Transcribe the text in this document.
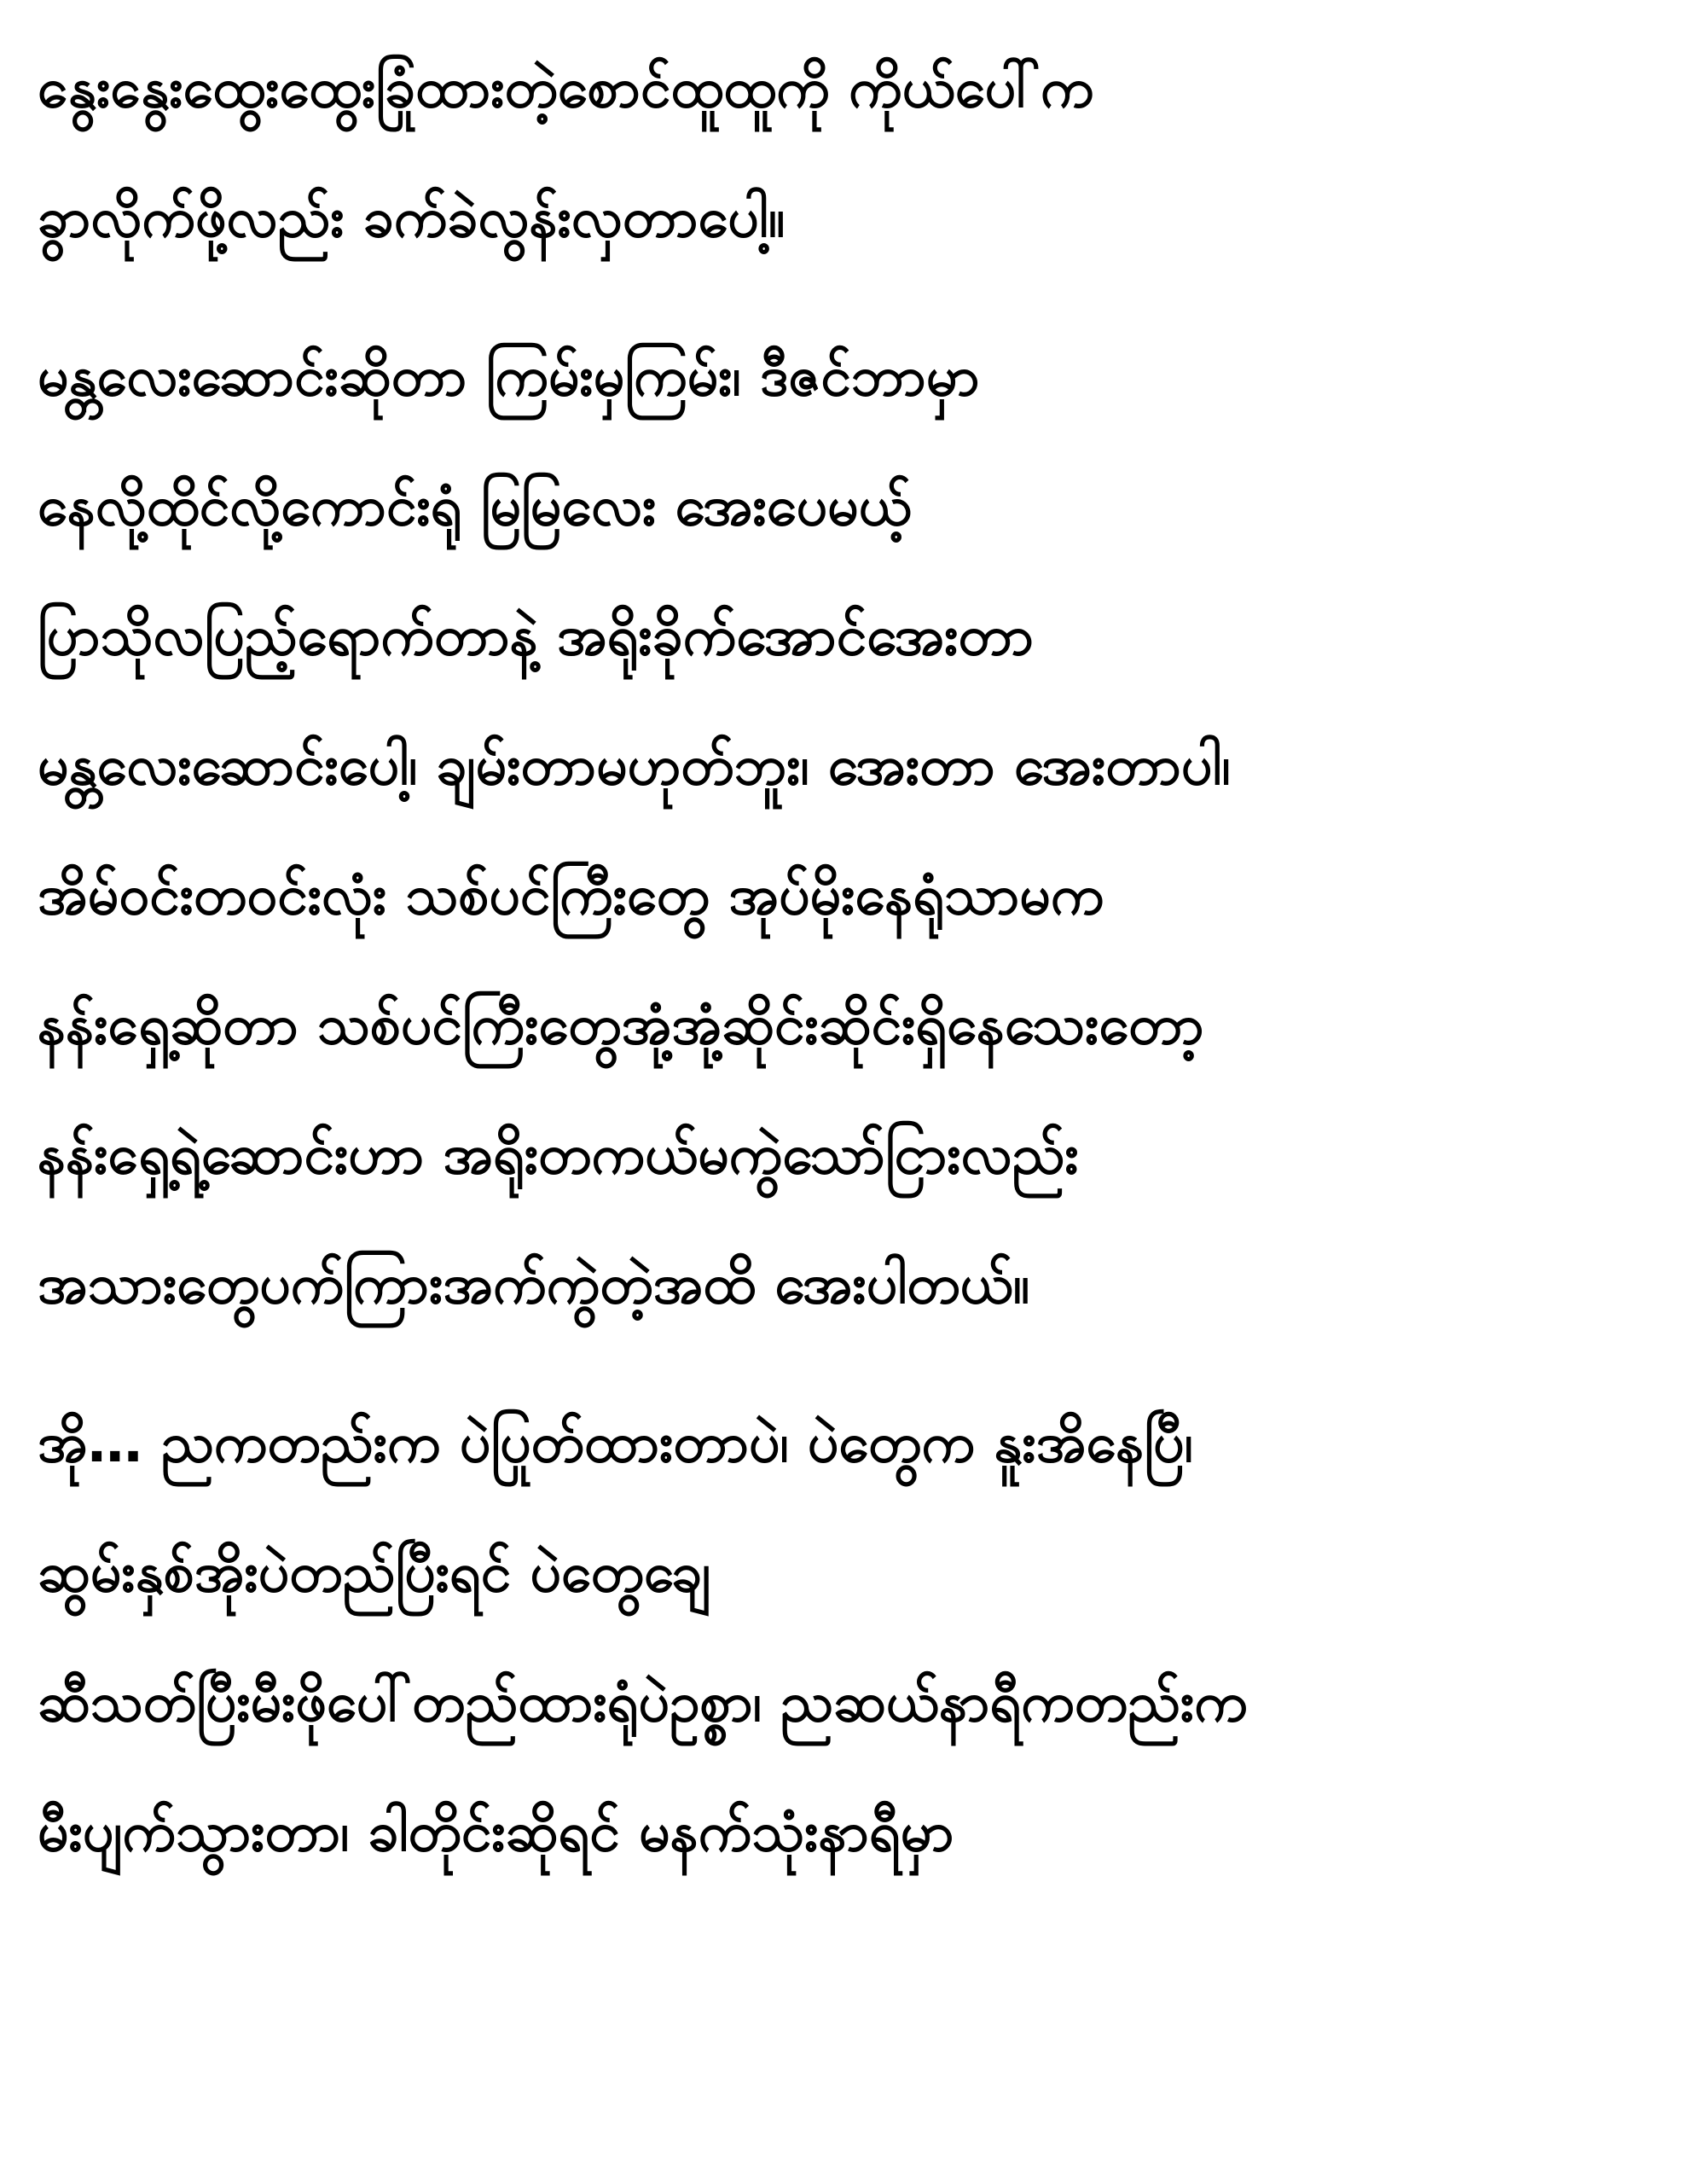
နွေးနွေးထွေးထွေးခြုံထားတဲ့စောင်ထူထူကို ကိုယ်ပေါ်က
ခွာလိုက်ဖို့လည်း ခက်ခဲလွန်းလှတာပေါ့။
မန္တလေးဆောင်းဆိုတာ ကြမ်းမှကြမ်း၊ ဒီဇင်ဘာမှာ
နေလို့ထိုင်လို့ကောင်းရုံ မြမြလေး အေးပေမယ့်
ပြာသိုလပြည့်ရောက်တာနဲ့ အရိုးခိုက်အောင်အေးတာ
မန္တလေးဆောင်းပေါ့၊ ချမ်းတာမဟုတ်ဘူး၊ အေးတာ အေးတာပါ၊
အိမ်ဝင်းတဝင်းလုံး သစ်ပင်ကြီးတွေ အုပ်မိုးနေရုံသာမက
နန်းရှေ့ဆိုတာ သစ်ပင်ကြီးတွေအုံ့အုံ့ဆိုင်းဆိုင်းရှိနေသေးတော့
နန်းရှေ့ရဲ့ဆောင်းဟာ အရိုးတကယ်မကွဲသော်ငြားလည်း
အသားတွေပက်ကြားအက်ကွဲတဲ့အထိ အေးပါတယ်။
အို… ညကတည်းက ပဲပြုတ်ထားတာပဲ၊ ပဲတွေက နူးအိနေပြီ၊
ဆွမ်းနှစ်အိုးပဲတည်ပြီးရင် ပဲတွေချေ
ဆီသတ်ပြီးမီးဖိုပေါ်တည်ထားရုံပဲဥစ္စာ၊ ညဆယ်နာရီကတည်းက
မီးပျက်သွားတာ၊ ခါတိုင်းဆိုရင် မနက်သုံးနာရီမှာ
